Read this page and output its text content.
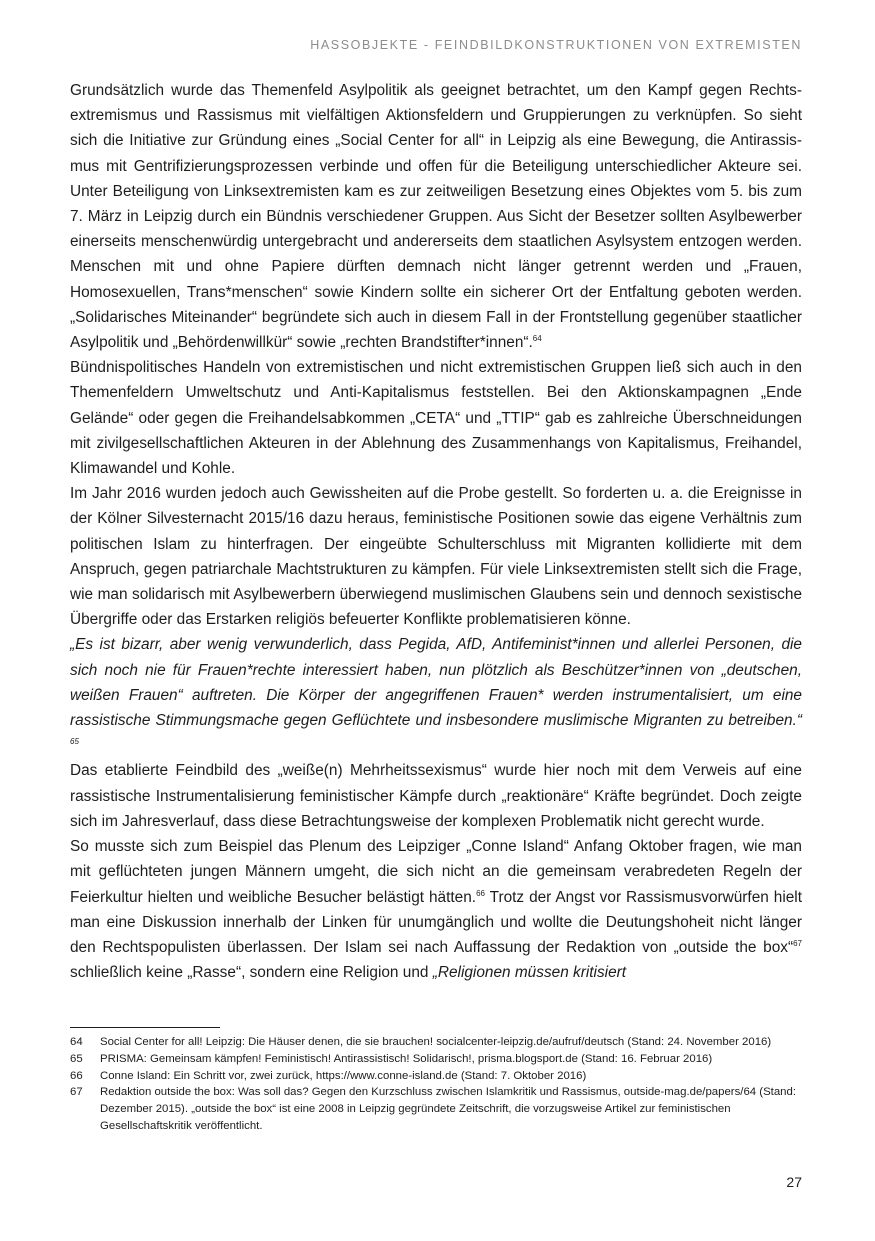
HASSOBJEKTE - FEINDBILDKONSTRUKTIONEN VON EXTREMISTEN

Grundsätzlich wurde das Themenfeld Asylpolitik als geeignet betrachtet, um den Kampf gegen Rechtsextremismus und Rassismus mit vielfältigen Aktionsfeldern und Gruppierungen zu verknüpfen. So sieht sich die Initiative zur Gründung eines „Social Center for all“ in Leipzig als eine Bewegung, die Antirassismus mit Gentrifizierungsprozessen verbinde und offen für die Beteiligung unterschiedlicher Akteure sei. Unter Beteiligung von Linksextremisten kam es zur zeitweiligen Besetzung eines Objektes vom 5. bis zum 7. März in Leipzig durch ein Bündnis verschiedener Gruppen. Aus Sicht der Besetzer sollten Asylbewerber einerseits menschenwürdig untergebracht und andererseits dem staatlichen Asylsystem entzogen werden. Menschen mit und ohne Papiere dürften demnach nicht länger getrennt werden und „Frauen, Homosexuellen, Trans*menschen“ sowie Kindern sollte ein sicherer Ort der Entfaltung geboten werden. „Solidarisches Miteinander“ begründete sich auch in diesem Fall in der Frontstellung gegenüber staatlicher Asylpolitik und „Behördenwillkür“ sowie „rechten Brandstifter*innen“.$^{64}$

Bündnispolitisches Handeln von extremistischen und nicht extremistischen Gruppen ließ sich auch in den Themenfeldern Umweltschutz und Anti-Kapitalismus feststellen. Bei den Aktionskampagnen „Ende Gelände“ oder gegen die Freihandelsabkommen „CETA“ und „TTIP“ gab es zahlreiche Überschneidungen mit zivilgesellschaftlichen Akteuren in der Ablehnung des Zusammenhangs von Kapitalismus, Freihandel, Klimawandel und Kohle.

Im Jahr 2016 wurden jedoch auch Gewissheiten auf die Probe gestellt. So forderten u. a. die Ereignisse in der Kölner Silvesternacht 2015/16 dazu heraus, feministische Positionen sowie das eigene Verhältnis zum politischen Islam zu hinterfragen. Der eingeübte Schulterschluss mit Migranten kollidierte mit dem Anspruch, gegen patriarchale Machtstrukturen zu kämpfen. Für viele Linksextremisten stellt sich die Frage, wie man solidarisch mit Asylbewerbern überwiegend muslimischen Glaubens sein und dennoch sexistische Übergriffe oder das Erstarken religiös befeuerter Konflikte problematisieren könne.

„Es ist bizarr, aber wenig verwunderlich, dass Pegida, AfD, Antifeminist*innen und allerlei Personen, die sich noch nie für Frauen*rechte interessiert haben, nun plötzlich als Beschützer*innen von „deutschen, weißen Frauen“ auftreten. Die Körper der angegriffenen Frauen* werden instrumentalisiert, um eine rassistische Stimmungsmache gegen Geflüchtete und insbesondere muslimische Migranten zu betreiben.“ $^{65}$

Das etablierte Feindbild des „weiße(n) Mehrheitssexismus“ wurde hier noch mit dem Verweis auf eine rassistische Instrumentalisierung feministischer Kämpfe durch „reaktionäre“ Kräfte begründet. Doch zeigte sich im Jahresverlauf, dass diese Betrachtungsweise der komplexen Problematik nicht gerecht wurde.

So musste sich zum Beispiel das Plenum des Leipziger „Conne Island“ Anfang Oktober fragen, wie man mit geflüchteten jungen Männern umgeht, die sich nicht an die gemeinsam verabredeten Regeln der Feierkultur hielten und weibliche Besucher belästigt hätten.$^{66}$ Trotz der Angst vor Rassismusvorwürfen hielt man eine Diskussion innerhalb der Linken für unumgänglich und wollte die Deutungshoheit nicht länger den Rechtspopulisten überlassen. Der Islam sei nach Auffassung der Redaktion von „outside the box“$^{67}$ schließlich keine „Rasse“, sondern eine Religion und „Religionen müssen kritisiert

64	Social Center for all! Leipzig: Die Häuser denen, die sie brauchen! socialcenter-leipzig.de/aufruf/deutsch (Stand: 24. November 2016)
65	PRISMA: Gemeinsam kämpfen! Feministisch! Antirassistisch! Solidarisch!, prisma.blogsport.de (Stand: 16. Februar 2016)
66	Conne Island: Ein Schritt vor, zwei zurück, https://www.conne-island.de (Stand: 7. Oktober 2016)
67	Redaktion outside the box: Was soll das? Gegen den Kurzschluss zwischen Islamkritik und Rassismus, outside-mag.de/papers/64 (Stand: Dezember 2015). „outside the box“ ist eine 2008 in Leipzig gegründete Zeitschrift, die vorzugsweise Artikel zur feministischen Gesellschaftskritik veröffentlicht.
27
